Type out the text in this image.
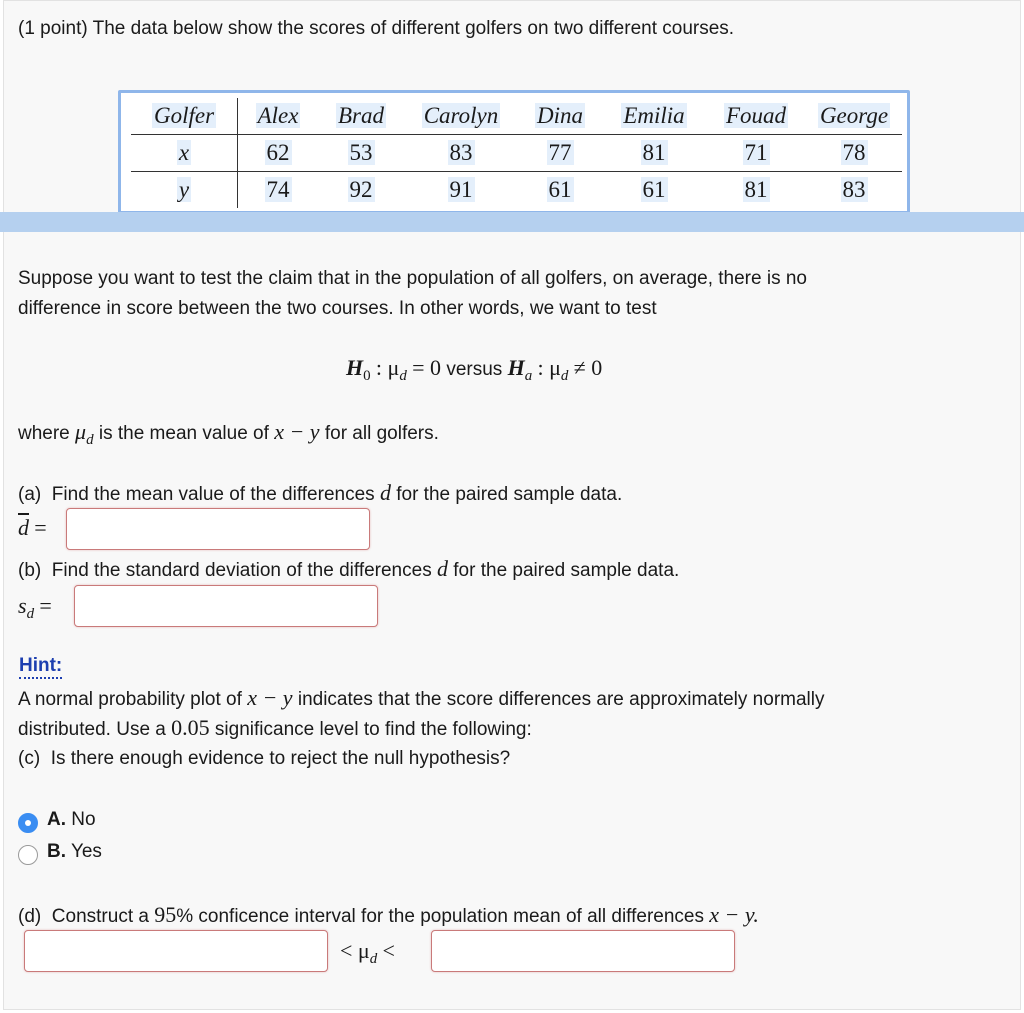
(1 point) The data below show the scores of different golfers on two different courses.
Golfer	Alex	Brad	Carolyn	Dina	Emilia	Fouad	George
x	62	53	83	77	81	71	78
y	74	92	91	61	61	81	83
Suppose you want to test the claim that in the population of all golfers, on average, there is no
difference in score between the two courses. In other words, we want to test
$H_0$ : $\mu_d = 0$ versus $H_a$ : $\mu_d \ne 0$
where $\mu_d$ is the mean value of x − y for all golfers.
(a) Find the mean value of the differences d for the paired sample data.
$\overline{d}$ =
(b) Find the standard deviation of the differences d for the paired sample data.
$s_d$ =
Hint:
A normal probability plot of x − y indicates that the score differences are approximately normally
distributed. Use a 0.05 significance level to find the following:
(c) Is there enough evidence to reject the null hypothesis?
A. No
B. Yes
(d) Construct a 95% conficence interval for the population mean of all differences x − y.
< $\mu_d$ <
